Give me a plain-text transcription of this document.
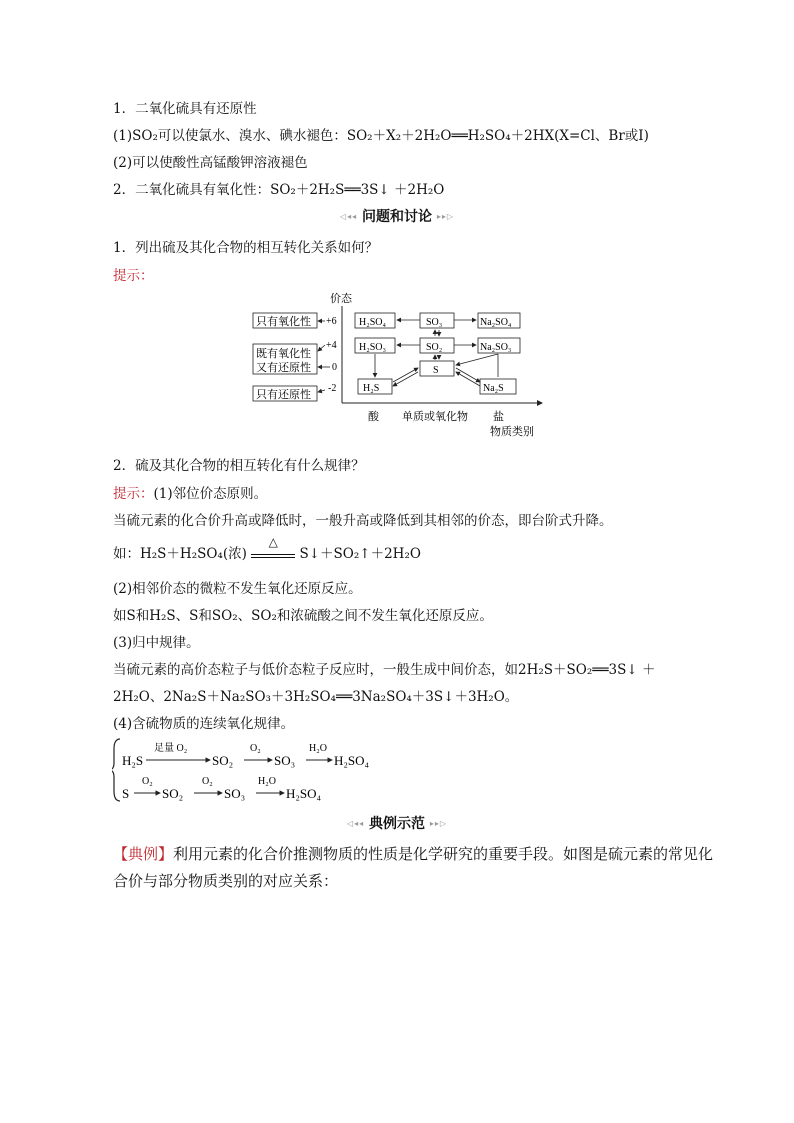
1．二氧化硫具有还原性
(1)SO₂可以使氯水、溴水、碘水褪色：SO₂＋X₂＋2H₂O══H₂SO₄＋2HX(X=Cl、Br或I)
(2)可以使酸性高锰酸钾溶液褪色
2．二氧化硫具有氧化性：SO₂＋2H₂S══3S↓ ＋2H₂O
◁◂◂ 问题和讨论 ▸▸▷
1．列出硫及其化合物的相互转化关系如何？
提示：
价态
+6
+4
0
-2
只有氧化性
既有氧化性
又有还原性
只有还原性
H₂SO₄	SO₃	Na₂SO₄
H₂SO₃	SO₂	Na₂SO₃
S
H₂S	Na₂S
酸 单质或氧化物 盐
物质类别
2．硫及其化合物的相互转化有什么规律？
提示：(1)邻位价态原则。
当硫元素的化合价升高或降低时，一般升高或降低到其相邻的价态，即台阶式升降。
如：H₂S＋H₂SO₄(浓)
△
S↓＋SO₂↑＋2H₂O
(2)相邻价态的微粒不发生氧化还原反应。
如S和H₂S、S和SO₂、SO₂和浓硫酸之间不发生氧化还原反应。
(3)归中规律。
当硫元素的高价态粒子与低价态粒子反应时，一般生成中间价态，如2H₂S＋SO₂══3S↓ ＋
2H₂O、2Na₂S＋Na₂SO₃＋3H₂SO₄══3Na₂SO₄＋3S↓＋3H₂O。
(4)含硫物质的连续氧化规律。
H₂S
足量 O₂
SO₂
O₂
SO₃
H₂O
H₂SO₄
S
O₂
SO₂
O₂
SO₃
H₂O
H₂SO₄
◁◂◂ 典例示范 ▸▸▷
【典例】利用元素的化合价推测物质的性质是化学研究的重要手段。如图是硫元素的常见化
合价与部分物质类别的对应关系：
